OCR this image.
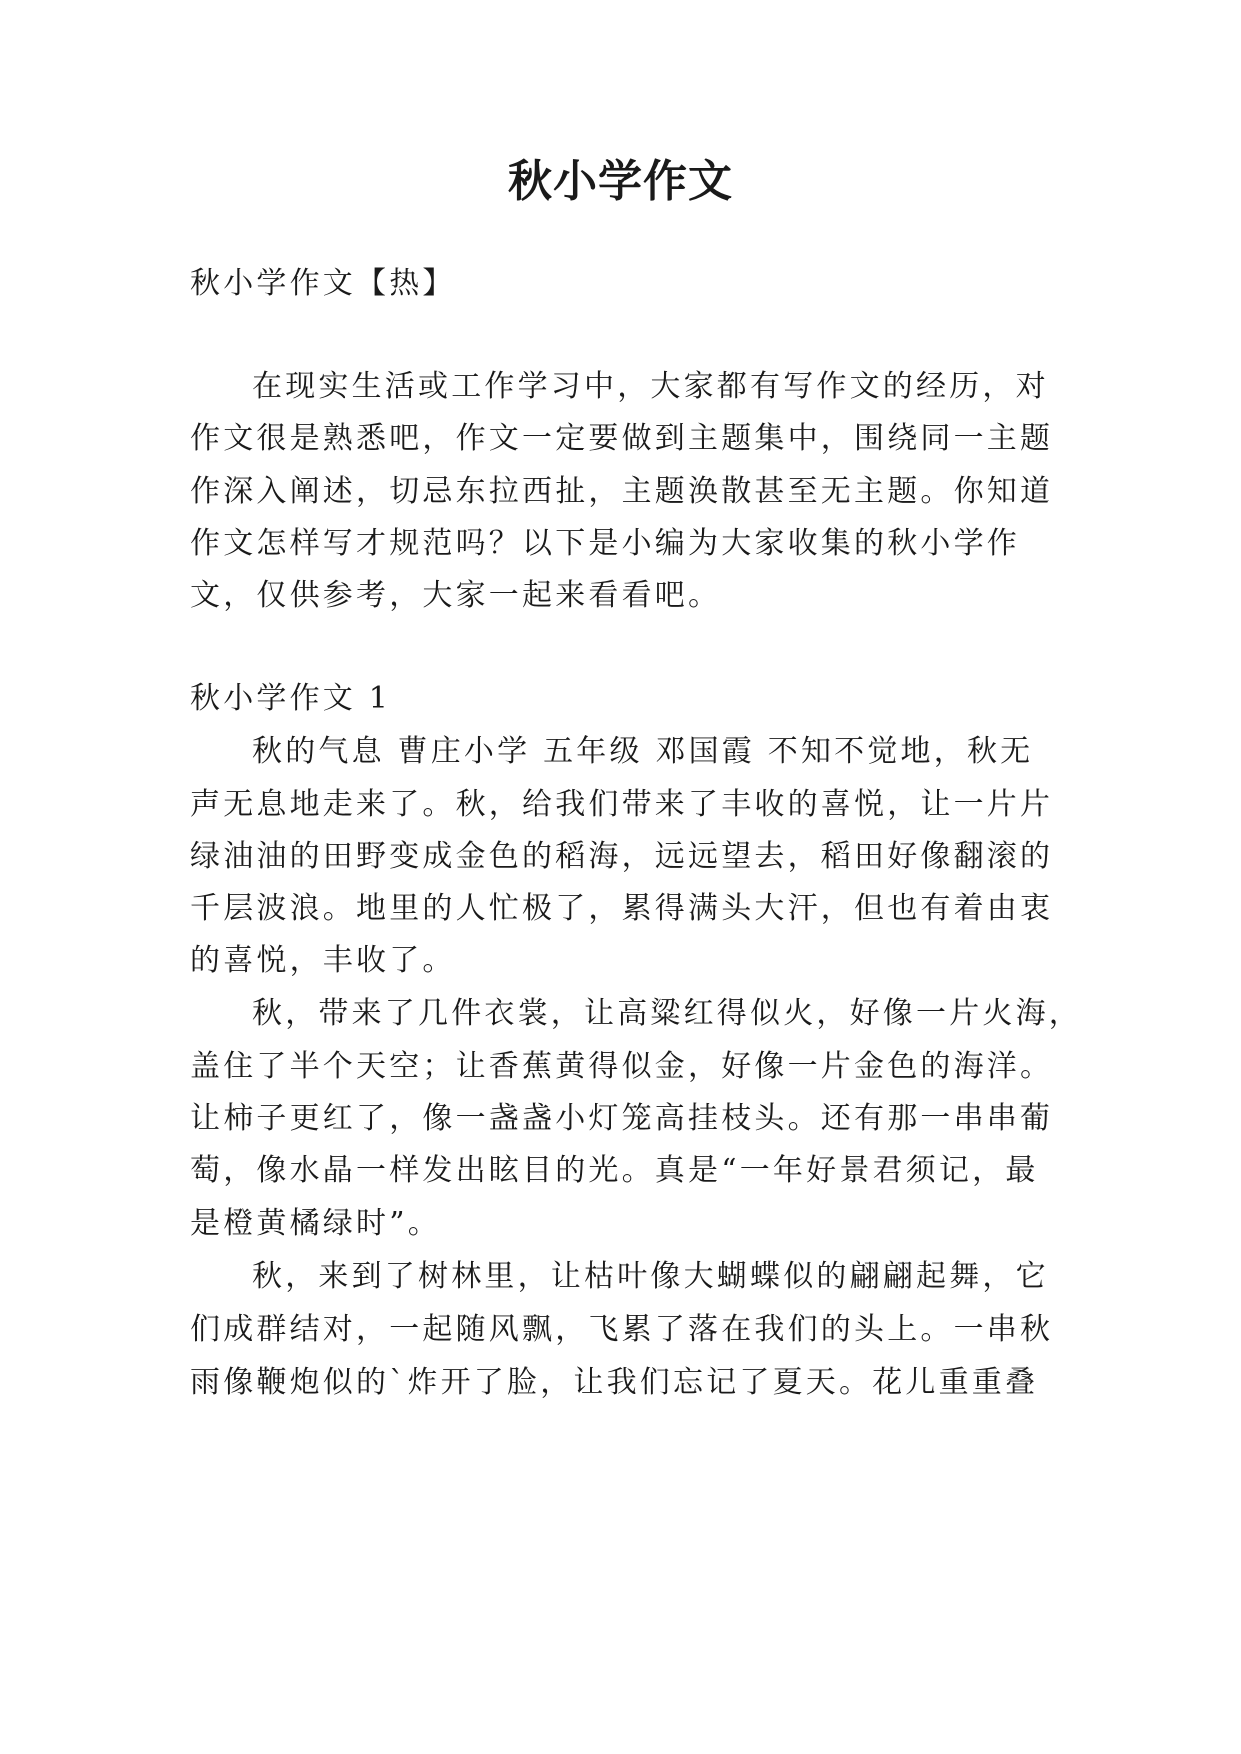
秋小学作文
秋小学作文【热】
在现实生活或工作学习中，大家都有写作文的经历，对
作文很是熟悉吧，作文一定要做到主题集中，围绕同一主题
作深入阐述，切忌东拉西扯，主题涣散甚至无主题。你知道
作文怎样写才规范吗？以下是小编为大家收集的秋小学作
文，仅供参考，大家一起来看看吧。
秋小学作文 1
秋的气息 曹庄小学 五年级 邓国霞 不知不觉地，秋无
声无息地走来了。秋，给我们带来了丰收的喜悦，让一片片
绿油油的田野变成金色的稻海，远远望去，稻田好像翻滚的
千层波浪。地里的人忙极了，累得满头大汗，但也有着由衷
的喜悦，丰收了。
秋，带来了几件衣裳，让高粱红得似火，好像一片火海，
盖住了半个天空；让香蕉黄得似金，好像一片金色的海洋。
让柿子更红了，像一盏盏小灯笼高挂枝头。还有那一串串葡
萄，像水晶一样发出眩目的光。真是“一年好景君须记，最
是橙黄橘绿时”。
秋，来到了树林里，让枯叶像大蝴蝶似的翩翩起舞，它
们成群结对，一起随风飘，飞累了落在我们的头上。一串秋
雨像鞭炮似的`炸开了脸，让我们忘记了夏天。花儿重重叠
